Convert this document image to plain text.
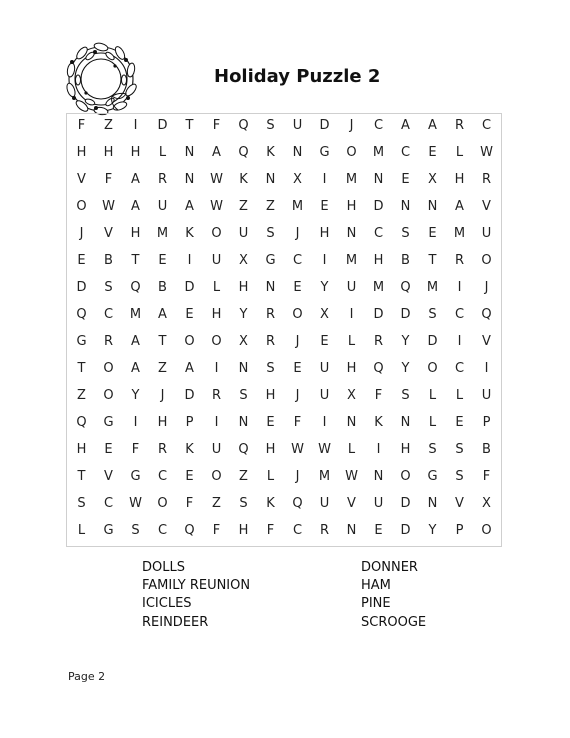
Holiday Puzzle 2
F	Z	I	D	T	F	Q	S	U	D	J	C	A	A	R	C
H	H	H	L	N	A	Q	K	N	G	O	M	C	E	L	W
V	F	A	R	N	W	K	N	X	I	M	N	E	X	H	R
O	W	A	U	A	W	Z	Z	M	E	H	D	N	N	A	V
J	V	H	M	K	O	U	S	J	H	N	C	S	E	M	U
E	B	T	E	I	U	X	G	C	I	M	H	B	T	R	O
D	S	Q	B	D	L	H	N	E	Y	U	M	Q	M	I	J
Q	C	M	A	E	H	Y	R	O	X	I	D	D	S	C	Q
G	R	A	T	O	O	X	R	J	E	L	R	Y	D	I	V
T	O	A	Z	A	I	N	S	E	U	H	Q	Y	O	C	I
Z	O	Y	J	D	R	S	H	J	U	X	F	S	L	L	U
Q	G	I	H	P	I	N	E	F	I	N	K	N	L	E	P
H	E	F	R	K	U	Q	H	W	W	L	I	H	S	S	B
T	V	G	C	E	O	Z	L	J	M	W	N	O	G	S	F
S	C	W	O	F	Z	S	K	Q	U	V	U	D	N	V	X
L	G	S	C	Q	F	H	F	C	R	N	E	D	Y	P	O
DOLLS
FAMILY REUNION
ICICLES
REINDEER
DONNER
HAM
PINE
SCROOGE
Page 2
